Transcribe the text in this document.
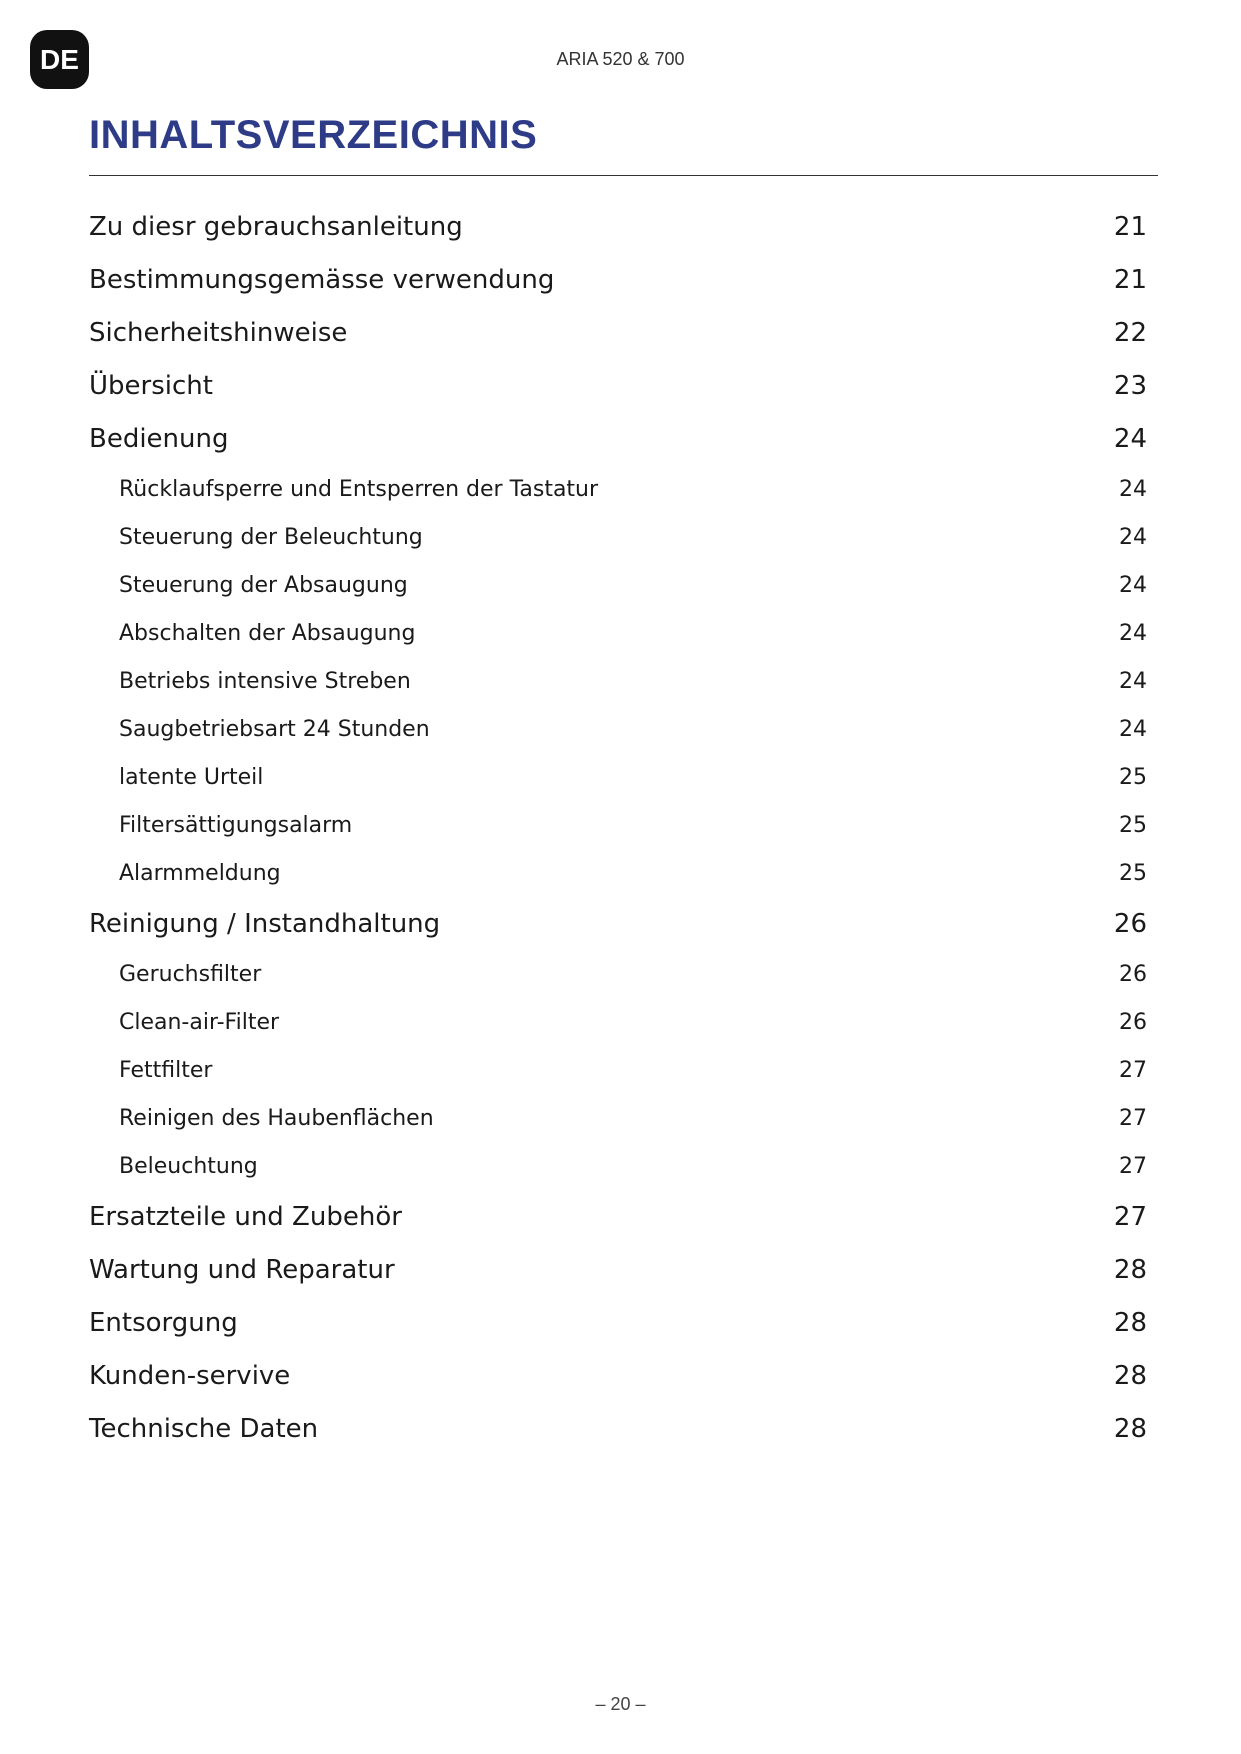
DE	ARIA 520 & 700
INHALTSVERZEICHNIS
Zu diesr gebrauchsanleitung	21
Bestimmungsgemässe verwendung	21
Sicherheitshinweise	22
Übersicht	23
Bedienung	24
Rücklaufsperre und Entsperren der Tastatur	24
Steuerung der Beleuchtung	24
Steuerung der Absaugung	24
Abschalten der Absaugung	24
Betriebs intensive Streben	24
Saugbetriebsart 24 Stunden	24
latente Urteil	25
Filtersättigungsalarm	25
Alarmmeldung	25
Reinigung / Instandhaltung	26
Geruchsfilter	26
Clean-air-Filter	26
Fettfilter	27
Reinigen des Haubenflächen	27
Beleuchtung	27
Ersatzteile und Zubehör	27
Wartung und Reparatur	28
Entsorgung	28
Kunden-servive	28
Technische Daten	28
– 20 –
